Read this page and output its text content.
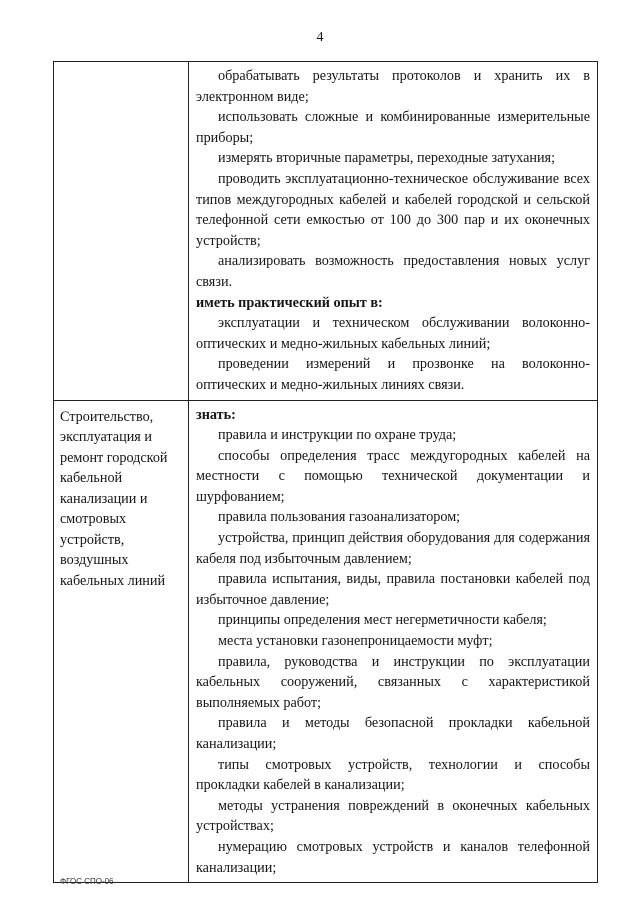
4

обрабатывать результаты протоколов и хранить их в электронном виде;

использовать сложные и комбинированные измерительные приборы;

измерять вторичные параметры, переходные затухания;

проводить эксплуатационно-техническое обслуживание всех типов междугородных кабелей и кабелей городской и сельской телефонной сети емкостью от 100 до 300 пар и их оконечных устройств;

анализировать возможность предоставления новых услуг связи.

иметь практический опыт в:

эксплуатации и техническом обслуживании волоконно-оптических и медно-жильных кабельных линий;

проведении измерений и прозвонке на волоконно-оптических и медно-жильных линиях связи.

Строительство, эксплуатация и ремонт городской кабельной канализации и смотровых устройств, воздушных кабельных линий

знать:

правила и инструкции по охране труда;

способы определения трасс междугородных кабелей на местности с помощью технической документации и шурфованием;

правила пользования газоанализатором;

устройства, принцип действия оборудования для содержания кабеля под избыточным давлением;

правила испытания, виды, правила постановки кабелей под избыточное давление;

принципы определения мест негерметичности кабеля;

места установки газонепроницаемости муфт;

правила, руководства и инструкции по эксплуатации кабельных сооружений, связанных с характеристикой выполняемых работ;

правила и методы безопасной прокладки кабельной канализации;

типы смотровых устройств, технологии и способы прокладки кабелей в канализации;

методы устранения повреждений в оконечных кабельных устройствах;

нумерацию смотровых устройств и каналов телефонной канализации;

ФГОС СПО-06
